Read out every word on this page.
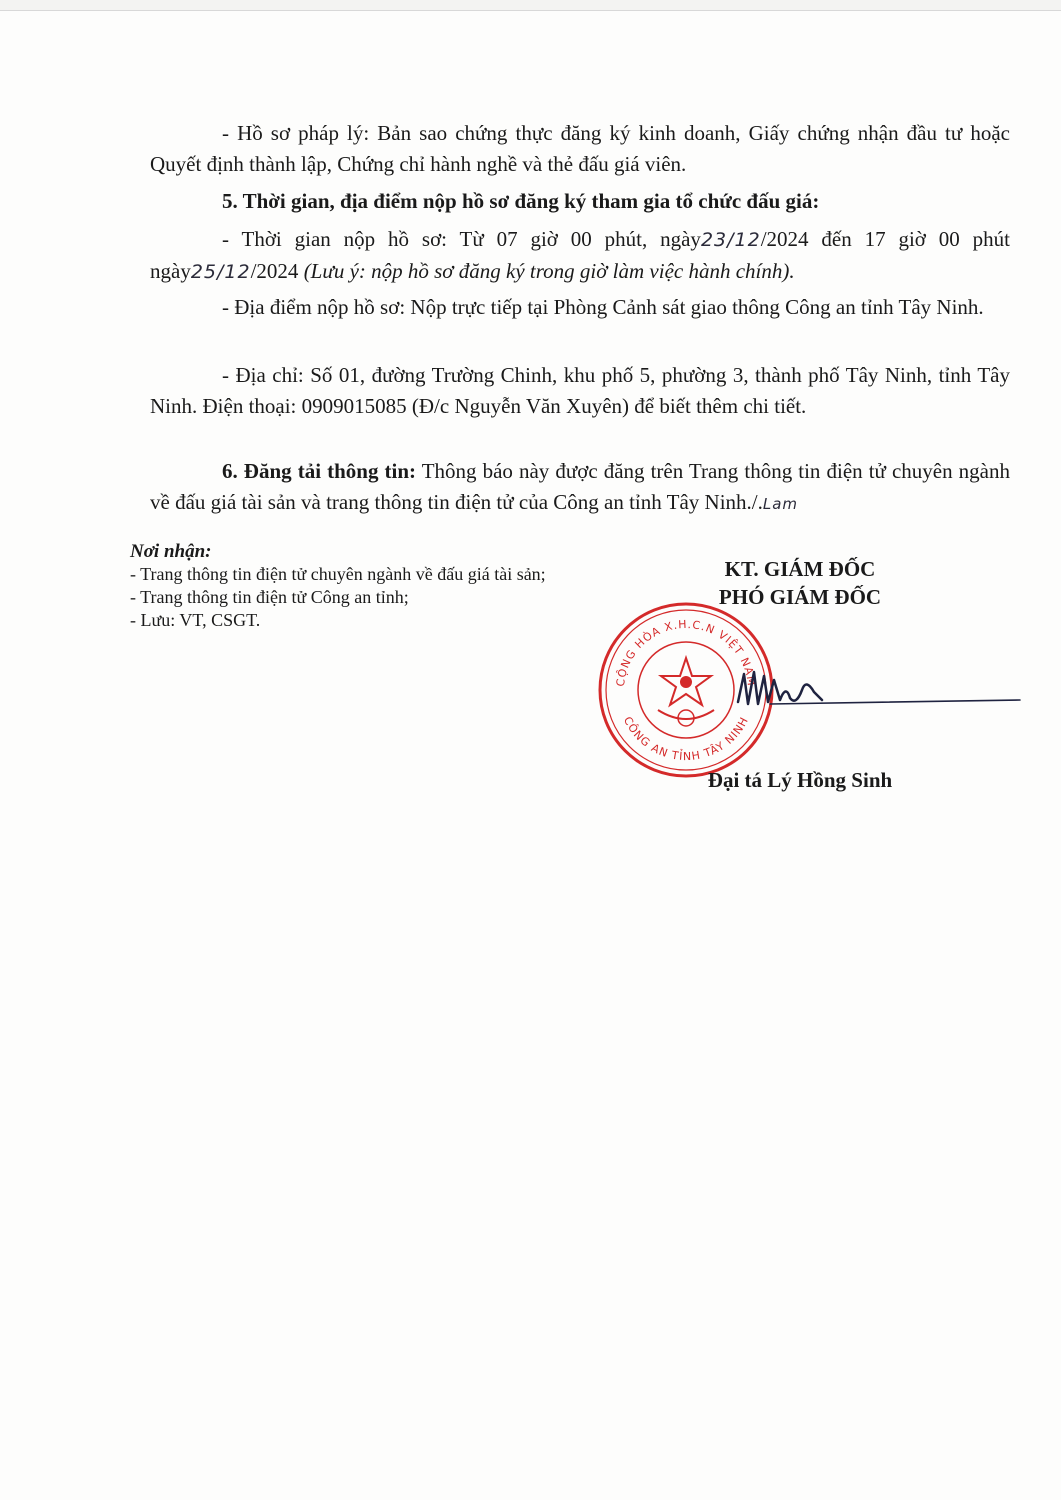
- Hồ sơ pháp lý: Bản sao chứng thực đăng ký kinh doanh, Giấy chứng nhận đầu tư hoặc Quyết định thành lập, Chứng chỉ hành nghề và thẻ đấu giá viên.

5. Thời gian, địa điểm nộp hồ sơ đăng ký tham gia tổ chức đấu giá:

- Thời gian nộp hồ sơ: Từ 07 giờ 00 phút, ngày23/12/2024 đến 17 giờ 00 phút ngày25/12/2024 (Lưu ý: nộp hồ sơ đăng ký trong giờ làm việc hành chính).

- Địa điểm nộp hồ sơ: Nộp trực tiếp tại Phòng Cảnh sát giao thông Công an tỉnh Tây Ninh.

- Địa chỉ: Số 01, đường Trường Chinh, khu phố 5, phường 3, thành phố Tây Ninh, tỉnh Tây Ninh. Điện thoại: 0909015085 (Đ/c Nguyễn Văn Xuyên) để biết thêm chi tiết.

6. Đăng tải thông tin: Thông báo này được đăng trên Trang thông tin điện tử chuyên ngành về đấu giá tài sản và trang thông tin điện tử của Công an tỉnh Tây Ninh./.Lam

Nơi nhận:
- Trang thông tin điện tử chuyên ngành về đấu giá tài sản;
- Trang thông tin điện tử Công an tỉnh;
- Lưu: VT, CSGT.
KT. GIÁM ĐỐC
PHÓ GIÁM ĐỐC
CỘNG HÒA X.H.C.N VIỆT NAM
CÔNG AN TỈNH TÂY NINH
Đại tá Lý Hồng Sinh
